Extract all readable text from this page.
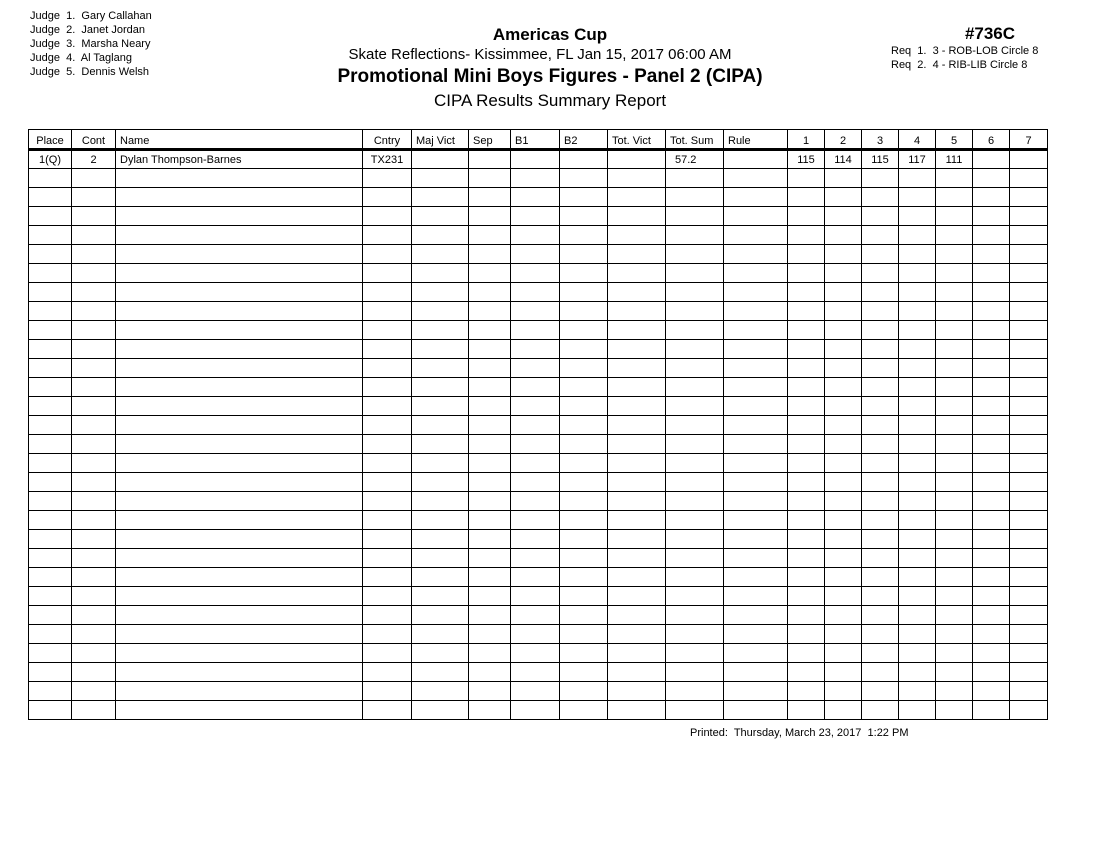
Judge  1. Gary Callahan
Judge  2. Janet Jordan
Judge  3. Marsha Neary
Judge  4. Al Taglang
Judge  5. Dennis Welsh
Americas Cup
Skate Reflections- Kissimmee, FL Jan 15, 2017 06:00 AM
Promotional Mini Boys Figures - Panel 2 (CIPA)
CIPA Results Summary Report
#736C
Req  1.  3 - ROB-LOB Circle 8
Req  2.  4 - RIB-LIB Circle 8
Place	Cont	Name	Cntry	Maj Vict	Sep	B1	B2	Tot. Vict	Tot. Sum	Rule	1	2	3	4	5	6	7
1(Q)	2	Dylan Thompson-Barnes	TX231						57.2		115	114	115	117	111		

Printed:  Thursday, March 23, 2017  1:22 PM
